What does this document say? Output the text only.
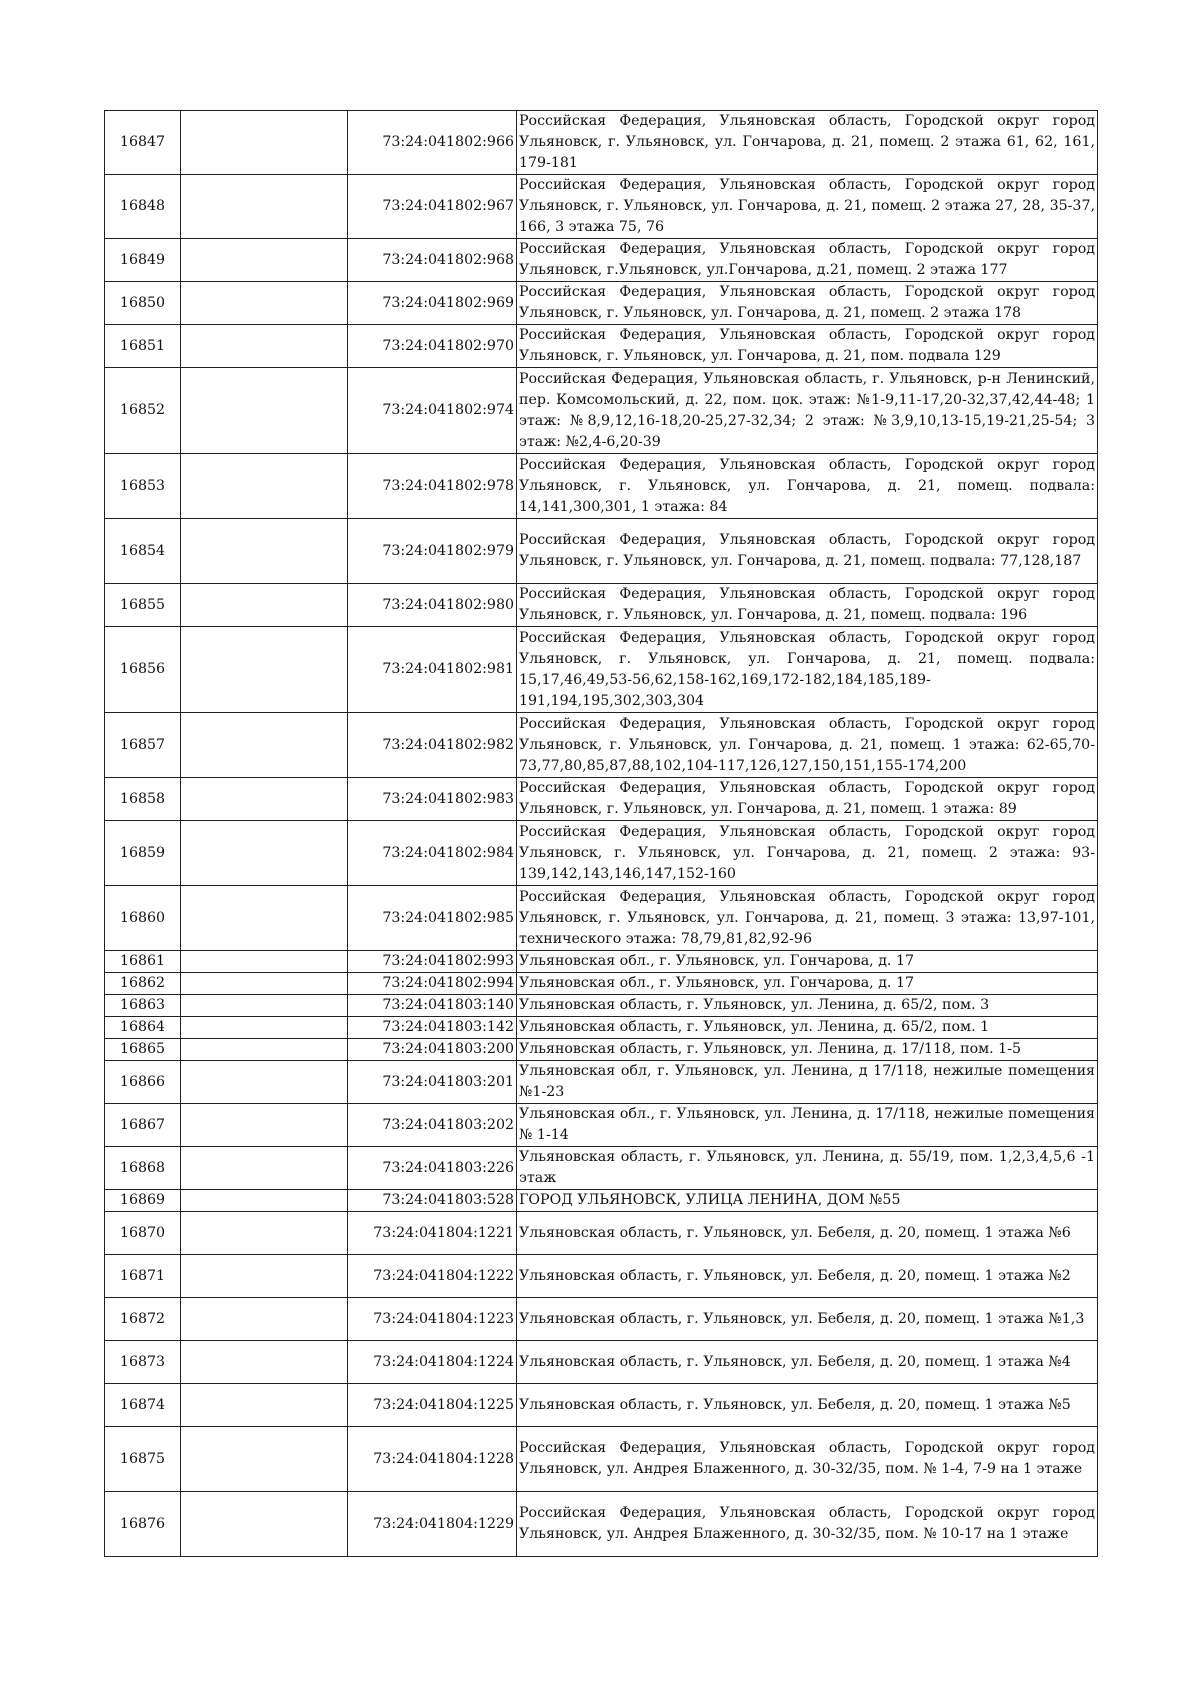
16847		73:24:041802:966	Российская Федерация, Ульяновская область, Городской округ город Ульяновск, г. Ульяновск, ул. Гончарова, д. 21, помещ. 2 этажа 61, 62, 161, 179-181
16848		73:24:041802:967	Российская Федерация, Ульяновская область, Городской округ город Ульяновск, г. Ульяновск, ул. Гончарова, д. 21, помещ. 2 этажа 27, 28, 35-37, 166, 3 этажа 75, 76
16849		73:24:041802:968	Российская Федерация, Ульяновская область, Городской округ город Ульяновск, г.Ульяновск, ул.Гончарова, д.21, помещ. 2 этажа 177
16850		73:24:041802:969	Российская Федерация, Ульяновская область, Городской округ город Ульяновск, г. Ульяновск, ул. Гончарова, д. 21, помещ. 2 этажа 178
16851		73:24:041802:970	Российская Федерация, Ульяновская область, Городской округ город Ульяновск, г. Ульяновск, ул. Гончарова, д. 21, пом. подвала 129
16852		73:24:041802:974	Российская Федерация, Ульяновская область, г. Ульяновск, р-н Ленинский, пер. Комсомольский, д. 22, пом. цок. этаж: №1-9,11-17,20-32,37,42,44-48; 1 этаж: №8,9,12,16-18,20-25,27-32,34; 2 этаж: №3,9,10,13-15,19-21,25-54; 3 этаж: №2,4-6,20-39
16853		73:24:041802:978	Российская Федерация, Ульяновская область, Городской округ город Ульяновск, г. Ульяновск, ул. Гончарова, д. 21, помещ. подвала: 14,141,300,301, 1 этажа: 84
16854		73:24:041802:979	Российская Федерация, Ульяновская область, Городской округ город Ульяновск, г. Ульяновск, ул. Гончарова, д. 21, помещ. подвала: 77,128,187
16855		73:24:041802:980	Российская Федерация, Ульяновская область, Городской округ город Ульяновск, г. Ульяновск, ул. Гончарова, д. 21, помещ. подвала: 196
16856		73:24:041802:981	Российская Федерация, Ульяновская область, Городской округ город Ульяновск, г. Ульяновск, ул. Гончарова, д. 21, помещ. подвала: 15,17,46,49,53-56,62,158-162,169,172-182,184,185,189-191,194,195,302,303,304
16857		73:24:041802:982	Российская Федерация, Ульяновская область, Городской округ город Ульяновск, г. Ульяновск, ул. Гончарова, д. 21, помещ. 1 этажа: 62-65,70-73,77,80,85,87,88,102,104-117,126,127,150,151,155-174,200
16858		73:24:041802:983	Российская Федерация, Ульяновская область, Городской округ город Ульяновск, г. Ульяновск, ул. Гончарова, д. 21, помещ. 1 этажа: 89
16859		73:24:041802:984	Российская Федерация, Ульяновская область, Городской округ город Ульяновск, г. Ульяновск, ул. Гончарова, д. 21, помещ. 2 этажа: 93-139,142,143,146,147,152-160
16860		73:24:041802:985	Российская Федерация, Ульяновская область, Городской округ город Ульяновск, г. Ульяновск, ул. Гончарова, д. 21, помещ. 3 этажа: 13,97-101, технического этажа: 78,79,81,82,92-96
16861		73:24:041802:993	Ульяновская обл., г. Ульяновск, ул. Гончарова, д. 17
16862		73:24:041802:994	Ульяновская обл., г. Ульяновск, ул. Гончарова, д. 17
16863		73:24:041803:140	Ульяновская область, г. Ульяновск, ул. Ленина, д. 65/2, пом. 3
16864		73:24:041803:142	Ульяновская область, г. Ульяновск, ул. Ленина, д. 65/2, пом. 1
16865		73:24:041803:200	Ульяновская область, г. Ульяновск, ул. Ленина, д. 17/118, пом. 1-5
16866		73:24:041803:201	Ульяновская обл, г. Ульяновск, ул. Ленина, д 17/118, нежилые помещения №1-23
16867		73:24:041803:202	Ульяновская обл., г. Ульяновск, ул. Ленина, д. 17/118, нежилые помещения № 1-14
16868		73:24:041803:226	Ульяновская область, г. Ульяновск, ул. Ленина, д. 55/19, пом. 1,2,3,4,5,6 -1 этаж
16869		73:24:041803:528	ГОРОД УЛЬЯНОВСК, УЛИЦА ЛЕНИНА, ДОМ №55
16870		73:24:041804:1221	Ульяновская область, г. Ульяновск, ул. Бебеля, д. 20, помещ. 1 этажа №6
16871		73:24:041804:1222	Ульяновская область, г. Ульяновск, ул. Бебеля, д. 20, помещ. 1 этажа №2
16872		73:24:041804:1223	Ульяновская область, г. Ульяновск, ул. Бебеля, д. 20, помещ. 1 этажа №1,3
16873		73:24:041804:1224	Ульяновская область, г. Ульяновск, ул. Бебеля, д. 20, помещ. 1 этажа №4
16874		73:24:041804:1225	Ульяновская область, г. Ульяновск, ул. Бебеля, д. 20, помещ. 1 этажа №5
16875		73:24:041804:1228	Российская Федерация, Ульяновская область, Городской округ город Ульяновск, ул. Андрея Блаженного, д. 30-32/35, пом. № 1-4, 7-9 на 1 этаже
16876		73:24:041804:1229	Российская Федерация, Ульяновская область, Городской округ город Ульяновск, ул. Андрея Блаженного, д. 30-32/35, пом. № 10-17 на 1 этаже
